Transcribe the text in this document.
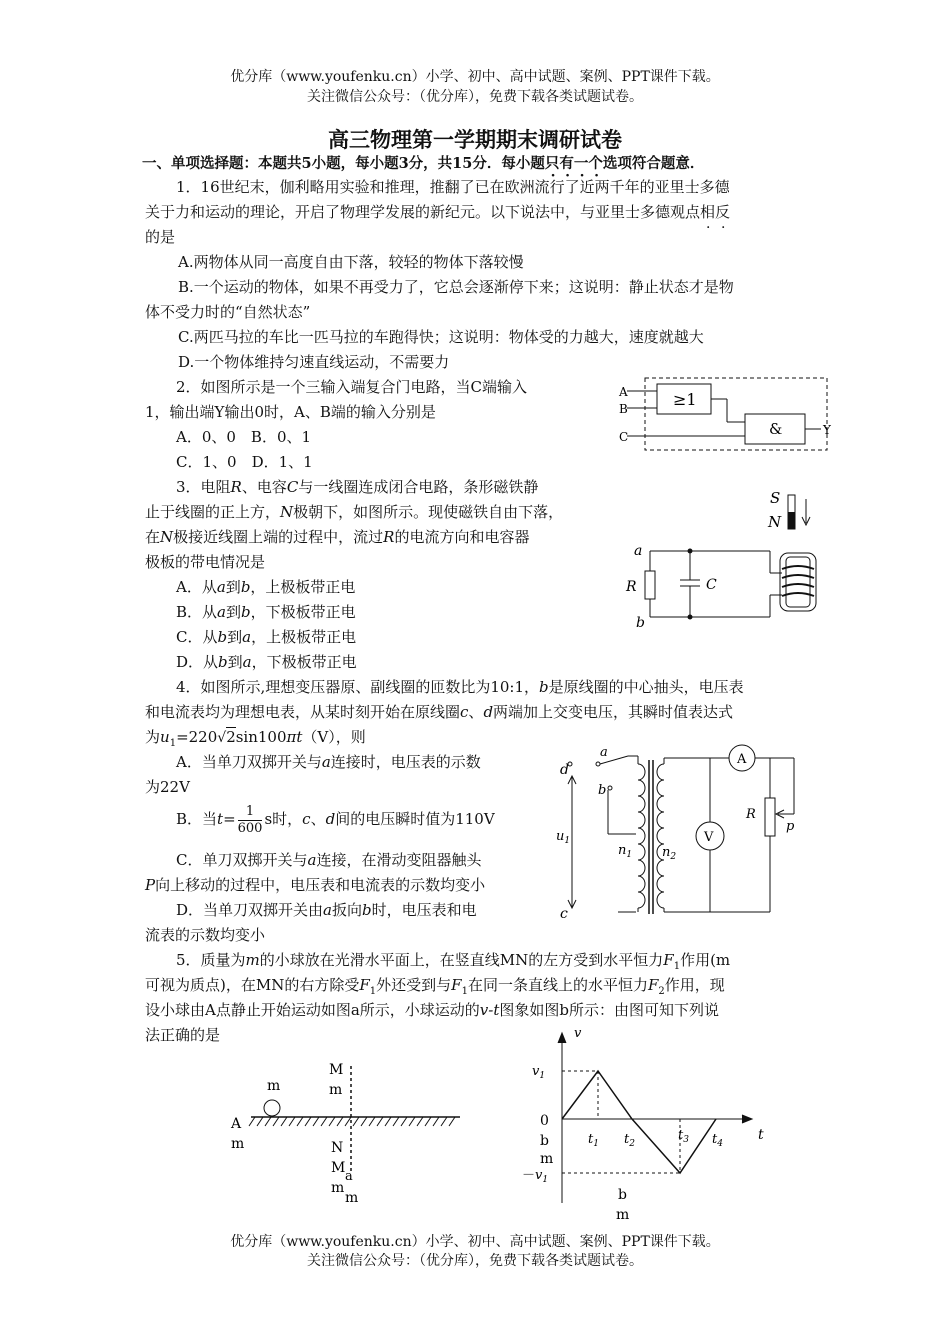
优分库（www.youfenku.cn）小学、初中、高中试题、案例、PPT课件下载。

关注微信公众号：（优分库），免费下载各类试题试卷。

高三物理第一学期期末调研试卷

一、单项选择题：本题共5小题，每小题3分，共15分．每小题只有一个选项符合题意．

1．16世纪末，伽利略用实验和推理，推翻了已在欧洲流行了近两千年的亚里士多德

关于力和运动的理论，开启了物理学发展的新纪元。以下说法中，与亚里士多德观点相反

的是

A.两物体从同一高度自由下落，较轻的物体下落较慢

B.一个运动的物体，如果不再受力了，它总会逐渐停下来；这说明：静止状态才是物

体不受力时的“自然状态”

C.两匹马拉的车比一匹马拉的车跑得快；这说明：物体受的力越大，速度就越大

D.一个物体维持匀速直线运动，不需要力

2．如图所示是一个三输入端复合门电路，当C端输入

1，输出端Y输出0时，A、B端的输入分别是

A．0、0　B．0、1

C．1、0　D．1、1

A
B
C
≥1
&	Y

3．电阻R、电容C与一线圈连成闭合电路，条形磁铁静

止于线圈的正上方，N极朝下，如图所示。现使磁铁自由下落，

在N极接近线圈上端的过程中，流过R的电流方向和电容器

极板的带电情况是

A．从a到b，上极板带正电

B．从a到b，下极板带正电

C．从b到a，上极板带正电

D．从b到a，下极板带正电

S
N
a
b
R	C

4．如图所示,理想变压器原、副线圈的匝数比为10:1，b是原线圈的中心抽头，电压表

和电流表均为理想电表，从某时刻开始在原线圈c、d两端加上交变电压，其瞬时值表达式

为$u_1=220√2\sin 100\pi t(V)$，则

A．当单刀双掷开关与a连接时，电压表的示数

为22V

B．当$t= \frac{1}{600}$ s时，c、d间的电压瞬时值为110V

C．单刀双掷开关与a连接，在滑动变阻器触头

P向上移动的过程中，电压表和电流表的示数均变小

D．当单刀双掷开关由a扳向b时，电压表和电

流表的示数均变小

d
c
a
b
$u_1$
$n_1$ $n_2$
V
A
R
p

5．质量为m的小球放在光滑水平面上，在竖直线MN的左方受到水平恒力$F_1$作用(m

可视为质点)，在MN的右方除受$F_1$外还受到与$F_1$在同一条直线上的水平恒力$F_2$作用，现

设小球由A点静止开始运动如图a所示，小球运动的v-t图象如图b所示：由图可知下列说

法正确的是

m
M
m
A
m	N
M
a
m
m
v
t
$v_1$
0
b
m
$-v_1$
$t_1$ $t_2$
$t_3$ $t_4$
b
m

优分库（www.youfenku.cn）小学、初中、高中试题、案例、PPT课件下载。

关注微信公众号：（优分库），免费下载各类试题试卷。
